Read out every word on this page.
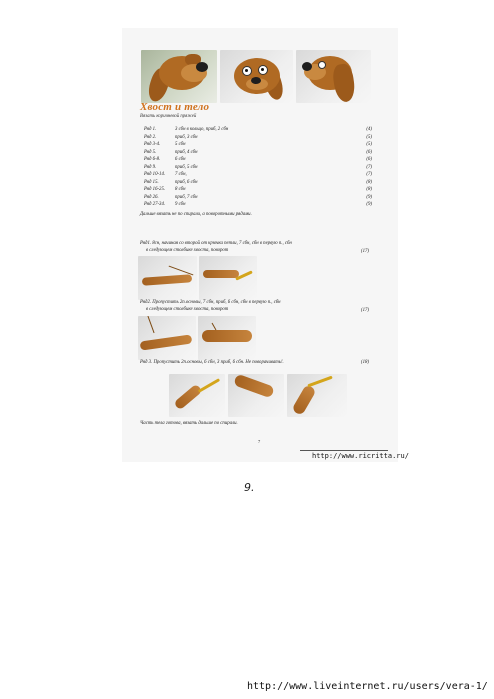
Хвост и тело
Вязать коричневой пряжей
Ряд 1.	3 сбн в кольцо, приб, 2 сбн	(4)
Ряд 2.	приб, 3 сбн	(5)
Ряд 3-4.	5 сбн	(5)
Ряд 5.	приб, 4 сбн	(6)
Ряд 6-8.	6 сбн	(6)
Ряд 9.	приб, 5 сбн	(7)
Ряд 10-14. 7 сбн,	(7)
Ряд 15.	приб, 6 сбн	(8)
Ряд 16-25. 8 сбн	(8)
Ряд 26.	приб, 7 сбн	(9)
Ряд 27-34. 9 сбн	(9)
Дальше вязать не по спирали, а поворотными рядами.
Ряд1. 8сн, начиная со второй от крючка петли, 7 сбн, сбн в первую п., сбн
в следующем столбике хвоста, поворот	(17)
Ряд2. Пропустить 2п.основы, 7 сбн, приб, 6 сбн, сбн в первую п., сбн
в следующем столбике хвоста, поворот	(17)
Ряд 3. Пропустить 2п.основы, 6 сбн, 3 приб, 6 сбн. Не поворачивать!.	(18)
Часть тела готова, вязать дальше по спирали.
7
http://www.ricritta.ru/
9.
http://www.liveinternet.ru/users/vera-1/
